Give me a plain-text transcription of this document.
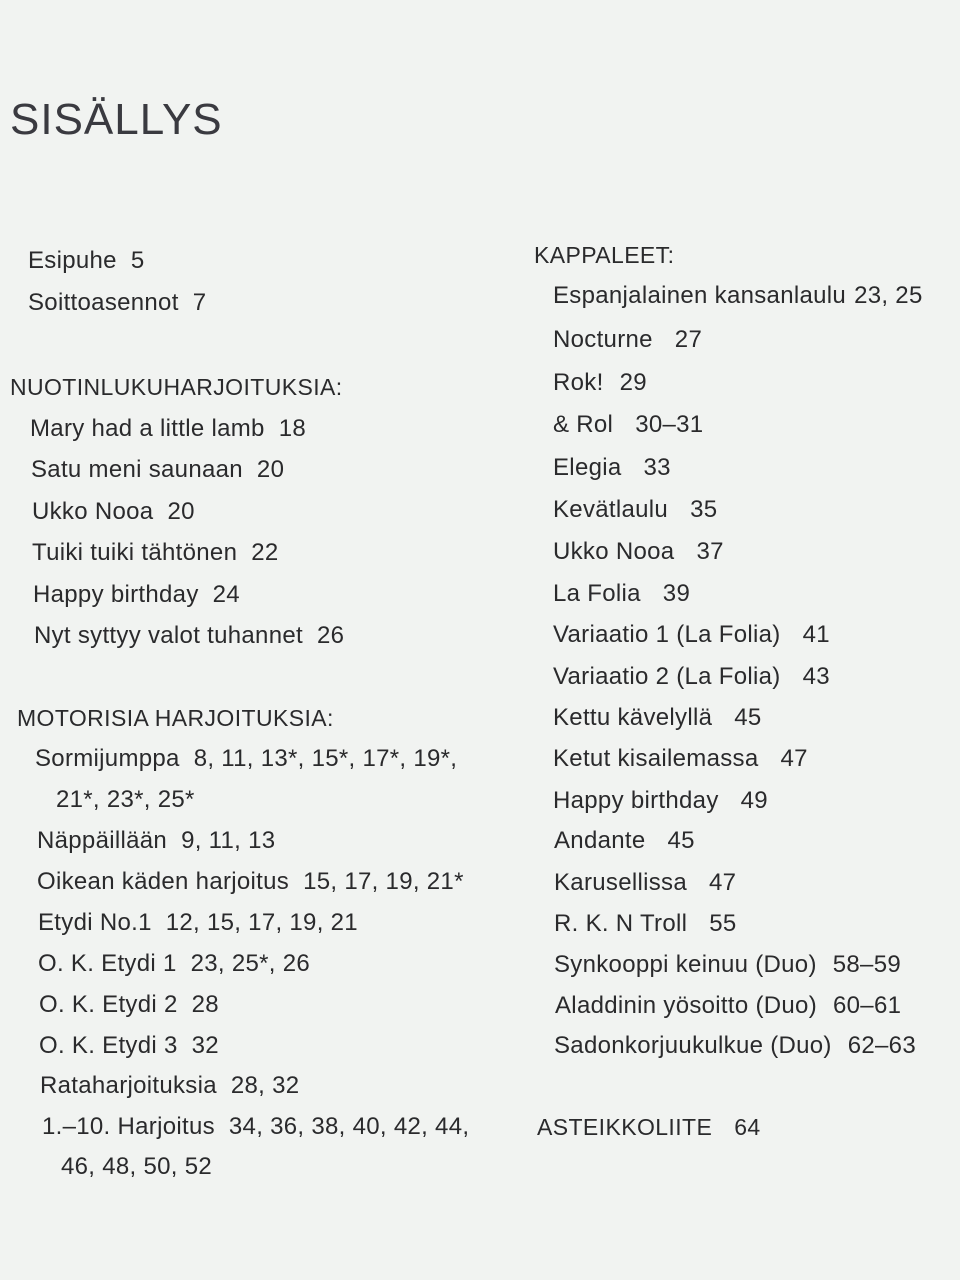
SISÄLLYS
Esipuhe 5
Soittoasennot 7
NUOTINLUKUHARJOITUKSIA:
Mary had a little lamb 18
Satu meni saunaan 20
Ukko Nooa 20
Tuiki tuiki tähtönen 22
Happy birthday 24
Nyt syttyy valot tuhannet 26
MOTORISIA HARJOITUKSIA:
Sormijumppa 8, 11, 13*, 15*, 17*, 19*,
21*, 23*, 25*
Näppäillään 9, 11, 13
Oikean käden harjoitus 15, 17, 19, 21*
Etydi No.1 12, 15, 17, 19, 21
O. K. Etydi 1 23, 25*, 26
O. K. Etydi 2 28
O. K. Etydi 3 32
Rataharjoituksia 28, 32
1.–10. Harjoitus 34, 36, 38, 40, 42, 44,
46, 48, 50, 52
KAPPALEET:
Espanjalainen kansanlaulu 23, 25
Nocturne 27
Rok! 29
& Rol 30–31
Elegia 33
Kevätlaulu 35
Ukko Nooa 37
La Folia 39
Variaatio 1 (La Folia) 41
Variaatio 2 (La Folia) 43
Kettu kävelyllä 45
Ketut kisailemassa 47
Happy birthday 49
Andante 45
Karusellissa 47
R. K. N Troll 55
Synkooppi keinuu (Duo) 58–59
Aladdinin yösoitto (Duo) 60–61
Sadonkorjuukulkue (Duo) 62–63
ASTEIKKOLIITE 64
